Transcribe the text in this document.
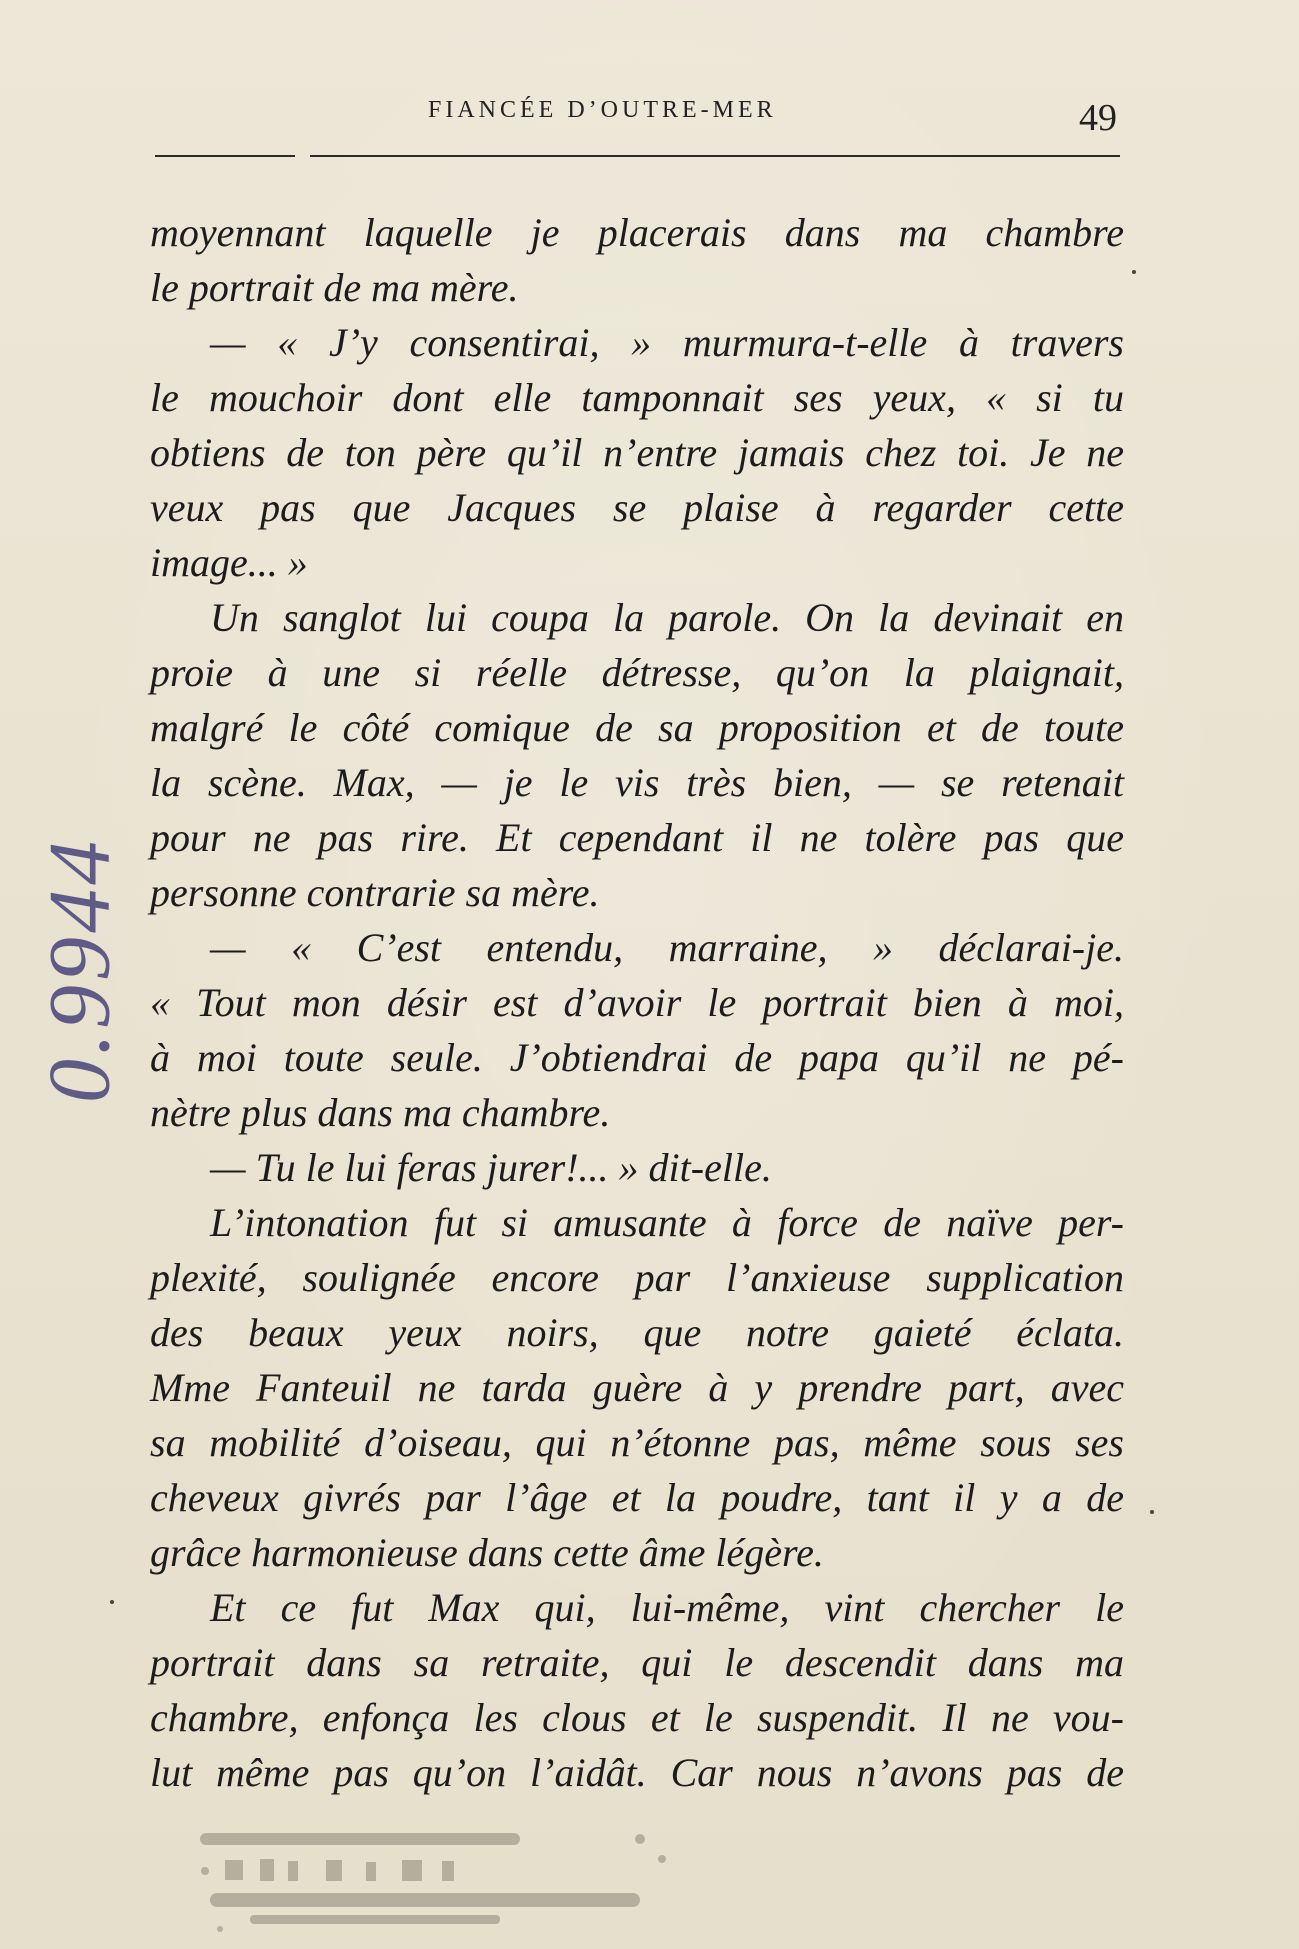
FIANCÉE D’OUTRE-MER	49
moyennant laquelle je placerais dans ma chambre
le portrait de ma mère.
— « J’y consentirai, » murmura-t-elle à travers
le mouchoir dont elle tamponnait ses yeux, « si tu
obtiens de ton père qu’il n’entre jamais chez toi. Je ne
veux pas que Jacques se plaise à regarder cette
image... »
Un sanglot lui coupa la parole. On la devinait en
proie à une si réelle détresse, qu’on la plaignait,
malgré le côté comique de sa proposition et de toute
la scène. Max, — je le vis très bien, — se retenait
pour ne pas rire. Et cependant il ne tolère pas que
personne contrarie sa mère.
— « C’est entendu, marraine, » déclarai-je.
« Tout mon désir est d’avoir le portrait bien à moi,
à moi toute seule. J’obtiendrai de papa qu’il ne pé-
nètre plus dans ma chambre.
— Tu le lui feras jurer!... » dit-elle.
L’intonation fut si amusante à force de naïve per-
plexité, soulignée encore par l’anxieuse supplication
des beaux yeux noirs, que notre gaieté éclata.
Mme Fanteuil ne tarda guère à y prendre part, avec
sa mobilité d’oiseau, qui n’étonne pas, même sous ses
cheveux givrés par l’âge et la poudre, tant il y a de
grâce harmonieuse dans cette âme légère.
Et ce fut Max qui, lui-même, vint chercher le
portrait dans sa retraite, qui le descendit dans ma
chambre, enfonça les clous et le suspendit. Il ne vou-
lut même pas qu’on l’aidât. Car nous n’avons pas de
0.9944
